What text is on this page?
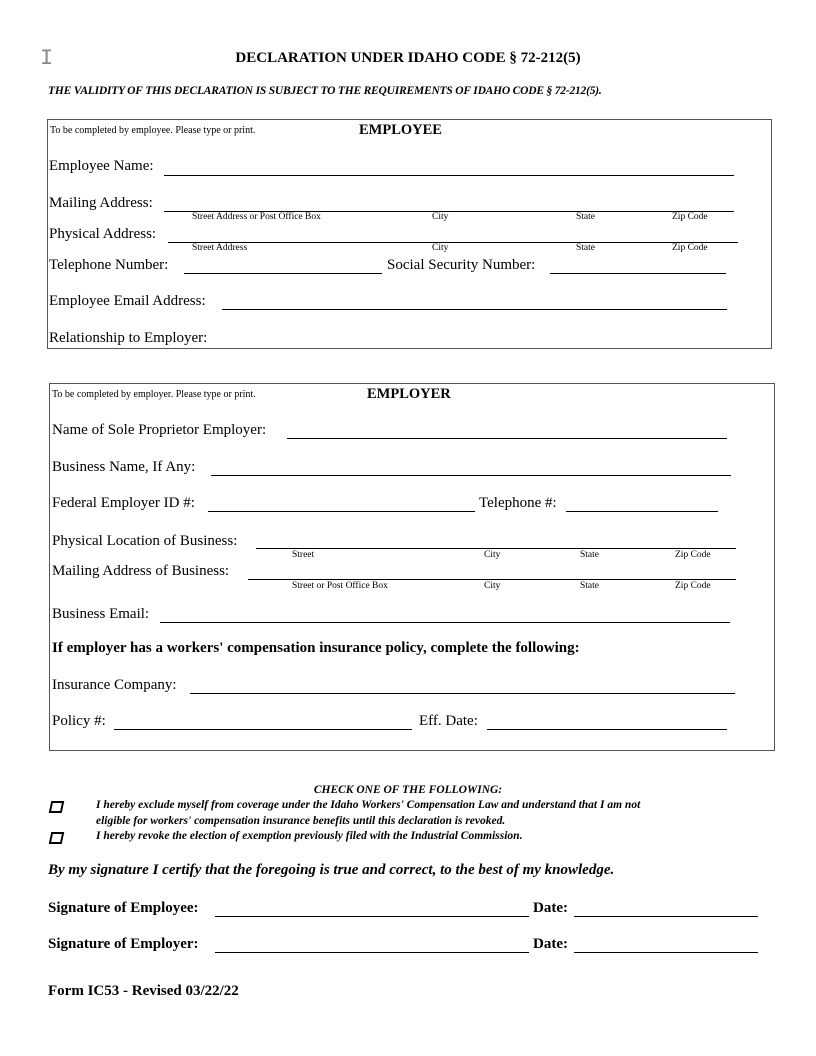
I	DECLARATION UNDER IDAHO CODE § 72-212(5)
THE VALIDITY OF THIS DECLARATION IS SUBJECT TO THE REQUIREMENTS OF IDAHO CODE § 72-212(5).
To be completed by employee. Please type or print.	EMPLOYEE
Employee Name:
Mailing Address:
Street Address or Post Office Box	City	State	Zip Code
Physical Address:
Street Address	City	State	Zip Code
Telephone Number:	Social Security Number:
Employee Email Address:
Relationship to Employer:
To be completed by employer. Please type or print.	EMPLOYER
Name of Sole Proprietor Employer:
Business Name, If Any:
Federal Employer ID #:	Telephone #:
Physical Location of Business:
Street	City	State	Zip Code
Mailing Address of Business:
Street or Post Office Box	City	State	Zip Code
Business Email:
If employer has a workers' compensation insurance policy, complete the following:
Insurance Company:
Policy #:	Eff. Date:
CHECK ONE OF THE FOLLOWING:
I hereby exclude myself from coverage under the Idaho Workers' Compensation Law and understand that I am not
eligible for workers' compensation insurance benefits until this declaration is revoked.
I hereby revoke the election of exemption previously filed with the Industrial Commission.
By my signature I certify that the foregoing is true and correct, to the best of my knowledge.
Signature of Employee:	Date:
Signature of Employer:	Date:
Form IC53 - Revised 03/22/22
